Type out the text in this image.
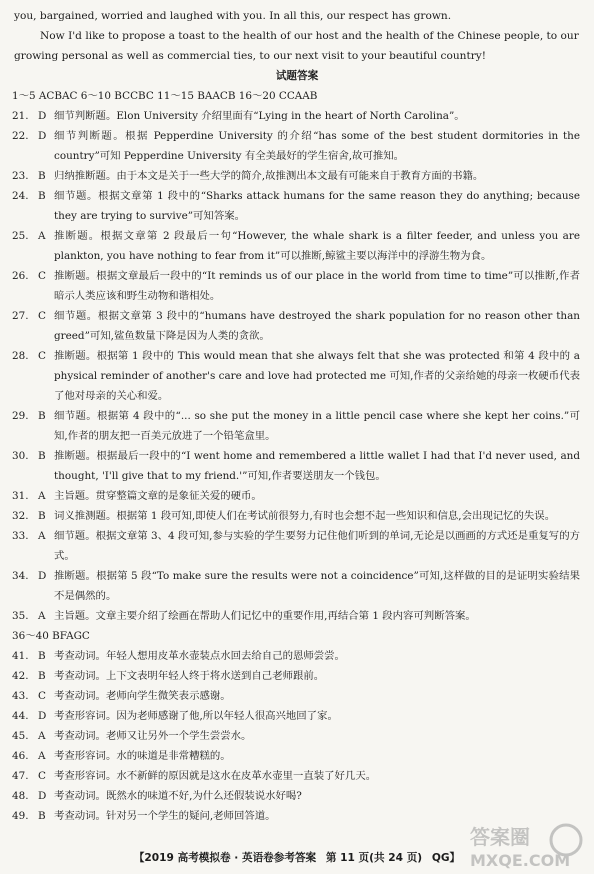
you, bargained, worried and laughed with you. In all this, our respect has grown.

Now I'd like to propose a toast to the health of our host and the health of the Chinese people, to our growing personal as well as commercial ties, to our next visit to your beautiful country!

试题答案

1～5 ACBAC 6～10 BCCBC 11～15 BAACB 16～20 CCAAB
21. D 细节判断题。Elon University 介绍里面有“Lying in the heart of North Carolina”。
22. D 细节判断题。根据 Pepperdine University 的介绍“has some of the best student dormitories in the country”可知 Pepperdine University 有全美最好的学生宿舍,故可推知。
23. B 归纳推断题。由于本文是关于一些大学的简介,故推测出本文最有可能来自于教育方面的书籍。
24. B 细节题。根据文章第 1 段中的“Sharks attack humans for the same reason they do anything; because they are trying to survive”可知答案。
25. A 推断题。根据文章第 2 段最后一句“However, the whale shark is a filter feeder, and unless you are plankton, you have nothing to fear from it”可以推断,鲸鲨主要以海洋中的浮游生物为食。
26. C 推断题。根据文章最后一段中的“It reminds us of our place in the world from time to time”可以推断,作者暗示人类应该和野生动物和谐相处。
27. C 细节题。根据文章第 3 段中的“humans have destroyed the shark population for no reason other than greed”可知,鲨鱼数量下降是因为人类的贪欲。
28. C 推断题。根据第 1 段中的 This would mean that she always felt that she was protected 和第 4 段中的 a physical reminder of another's care and love had protected me 可知,作者的父亲给她的母亲一枚硬币代表了他对母亲的关心和爱。
29. B 细节题。根据第 4 段中的“... so she put the money in a little pencil case where she kept her coins.”可知,作者的朋友把一百美元放进了一个铅笔盒里。
30. B 推断题。根据最后一段中的“I went home and remembered a little wallet I had that I'd never used, and thought, 'I'll give that to my friend.'”可知,作者要送朋友一个钱包。
31. A 主旨题。贯穿整篇文章的是象征关爱的硬币。
32. B 词义推测题。根据第 1 段可知,即使人们在考试前很努力,有时也会想不起一些知识和信息,会出现记忆的失误。
33. A 细节题。根据文章第 3、4 段可知,参与实验的学生要努力记住他们听到的单词,无论是以画画的方式还是重复写的方式。
34. D 推断题。根据第 5 段“To make sure the results were not a coincidence”可知,这样做的目的是证明实验结果不是偶然的。
35. A 主旨题。文章主要介绍了绘画在帮助人们记忆中的重要作用,再结合第 1 段内容可判断答案。
36～40 BFAGC
41. B 考查动词。年轻人想用皮革水壶装点水回去给自己的恩师尝尝。
42. B 考查动词。上下文表明年轻人终于将水送到自己老师跟前。
43. C 考查动词。老师向学生微笑表示感谢。
44. D 考查形容词。因为老师感谢了他,所以年轻人很高兴地回了家。
45. A 考查动词。老师又让另外一个学生尝尝水。
46. A 考查形容词。水的味道是非常糟糕的。
47. C 考查形容词。水不新鲜的原因就是这水在皮革水壶里一直装了好几天。
48. D 考查动词。既然水的味道不好,为什么还假装说水好喝?
49. B 考查动词。针对另一个学生的疑问,老师回答道。
【2019 高考模拟卷 · 英语卷参考答案 第 11 页(共 24 页) QG】
答案圈
MXQE.COM
